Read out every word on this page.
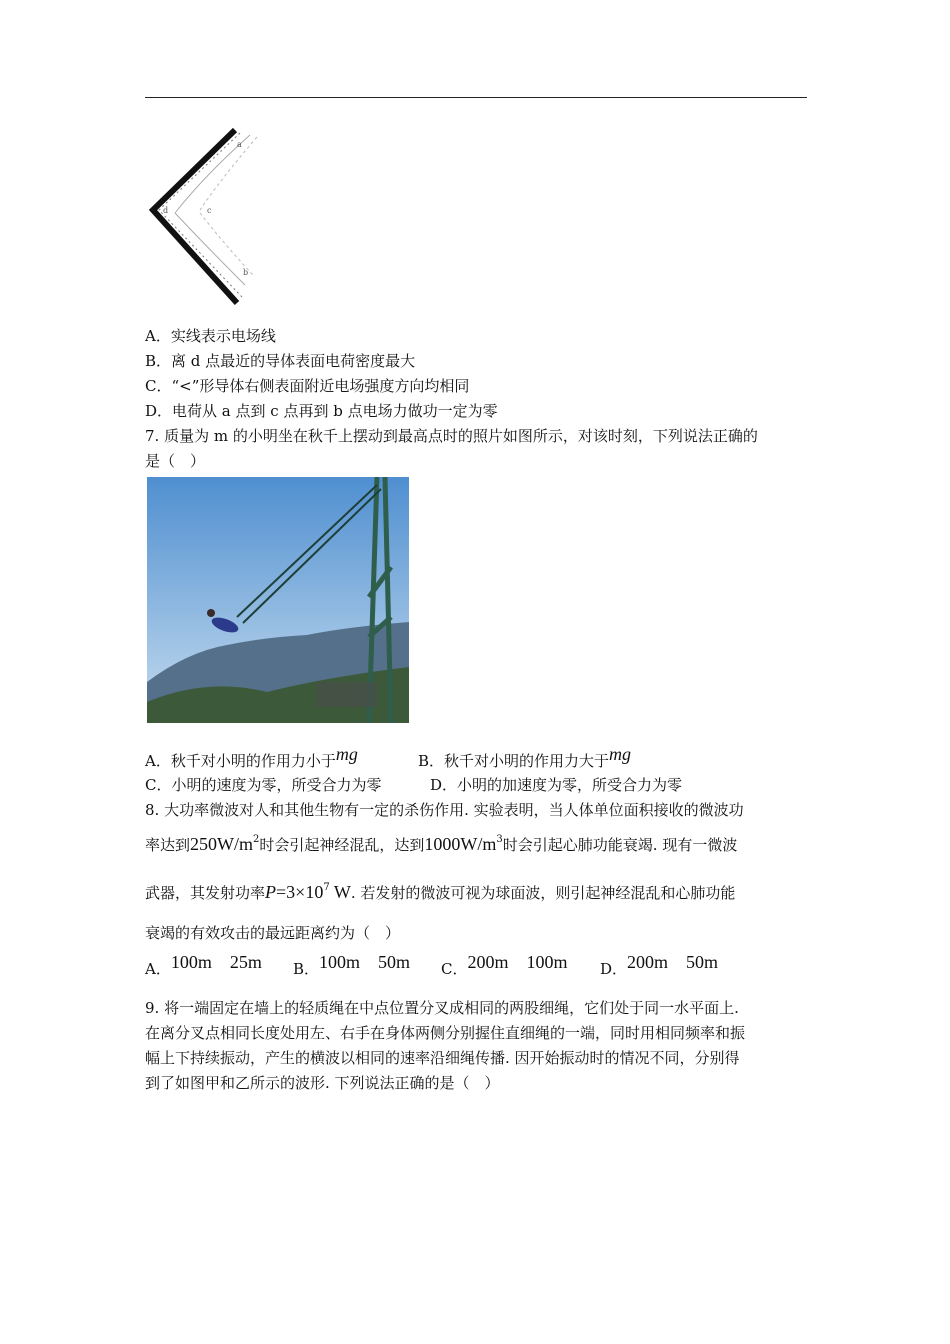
a
d	c
b
A．实线表示电场线
B．离 d 点最近的导体表面电荷密度最大
C．“<”形导体右侧表面附近电场强度方向均相同
D．电荷从 a 点到 c 点再到 b 点电场力做功一定为零
7. 质量为 m 的小明坐在秋千上摆动到最高点时的照片如图所示，对该时刻，下列说法正确的
是（　）
A．秋千对小明的作用力小于mg	B．秋千对小明的作用力大于mg
C．小明的速度为零，所受合力为零	D．小明的加速度为零，所受合力为零
8. 大功率微波对人和其他生物有一定的杀伤作用. 实验表明，当人体单位面积接收的微波功
率达到$250W/m^2$时会引起神经混乱，达到$1000W/m^3$时会引起心肺功能衰竭. 现有一微波
武器，其发射功率$P=3\times 10^7$ W. 若发射的微波可视为球面波，则引起神经混乱和心肺功能
衰竭的有效攻击的最远距离约为（　）
A．100m　25m B．100m　50m C．200m　100m D．200m　50m
9. 将一端固定在墙上的轻质绳在中点位置分叉成相同的两股细绳，它们处于同一水平面上.
在离分叉点相同长度处用左、右手在身体两侧分别握住直细绳的一端，同时用相同频率和振
幅上下持续振动，产生的横波以相同的速率沿细绳传播. 因开始振动时的情况不同，分别得
到了如图甲和乙所示的波形. 下列说法正确的是（　）
